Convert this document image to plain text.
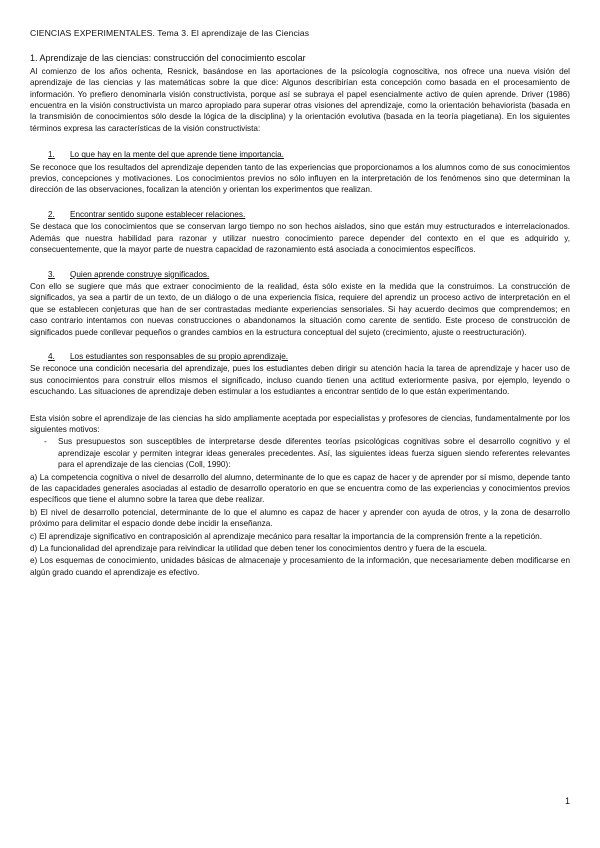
CIENCIAS EXPERIMENTALES. Tema 3. El aprendizaje de las Ciencias
1. Aprendizaje de las ciencias: construcción del conocimiento escolar

Al comienzo de los años ochenta, Resnick, basándose en las aportaciones de la psicología cognoscitiva, nos ofrece una nueva visión del aprendizaje de las ciencias y las matemáticas sobre la que dice: Algunos describirían esta concepción como basada en el procesamiento de información. Yo prefiero denominarla visión constructivista, porque así se subraya el papel esencialmente activo de quien aprende. Driver (1986) encuentra en la visión constructivista un marco apropiado para superar otras visiones del aprendizaje, como la orientación behaviorista (basada en la transmisión de conocimientos sólo desde la lógica de la disciplina) y la orientación evolutiva (basada en la teoría piagetiana). En los siguientes términos expresa las características de la visión constructivista:

1. Lo que hay en la mente del que aprende tiene importancia.

Se reconoce que los resultados del aprendizaje dependen tanto de las experiencias que proporcionamos a los alumnos como de sus conocimientos previos, concepciones y motivaciones. Los conocimientos previos no sólo influyen en la interpretación de los fenómenos sino que determinan la dirección de las observaciones, focalizan la atención y orientan los experimentos que realizan.

2. Encontrar sentido supone establecer relaciones.

Se destaca que los conocimientos que se conservan largo tiempo no son hechos aislados, sino que están muy estructurados e interrelacionados. Además que nuestra habilidad para razonar y utilizar nuestro conocimiento parece depender del contexto en el que es adquirido y, consecuentemente, que la mayor parte de nuestra capacidad de razonamiento está asociada a conocimientos específicos.

3. Quien aprende construye significados.

Con ello se sugiere que más que extraer conocimiento de la realidad, ésta sólo existe en la medida que la construimos. La construcción de significados, ya sea a partir de un texto, de un diálogo o de una experiencia física, requiere del aprendiz un proceso activo de interpretación en el que se establecen conjeturas que han de ser contrastadas mediante experiencias sensoriales. Si hay acuerdo decimos que comprendemos; en caso contrario intentamos con nuevas construcciones o abandonamos la situación como carente de sentido. Este proceso de construcción de significados puede conllevar pequeños o grandes cambios en la estructura conceptual del sujeto (crecimiento, ajuste o reestructuración).

4. Los estudiantes son responsables de su propio aprendizaje.

Se reconoce una condición necesaria del aprendizaje, pues los estudiantes deben dirigir su atención hacia la tarea de aprendizaje y hacer uso de sus conocimientos para construir ellos mismos el significado, incluso cuando tienen una actitud exteriormente pasiva, por ejemplo, leyendo o escuchando. Las situaciones de aprendizaje deben estimular a los estudiantes a encontrar sentido de lo que están experimentando.

Esta visión sobre el aprendizaje de las ciencias ha sido ampliamente aceptada por especialistas y profesores de ciencias, fundamentalmente por los siguientes motivos:

-	Sus presupuestos son susceptibles de interpretarse desde diferentes teorías psicológicas cognitivas sobre el desarrollo cognitivo y el aprendizaje escolar y permiten integrar ideas generales precedentes. Así, las siguientes ideas fuerza siguen siendo referentes relevantes para el aprendizaje de las ciencias (Coll, 1990):

a) La competencia cognitiva o nivel de desarrollo del alumno, determinante de lo que es capaz de hacer y de aprender por sí mismo, depende tanto de las capacidades generales asociadas al estadio de desarrollo operatorio en que se encuentra como de las experiencias y conocimientos previos específicos que tiene el alumno sobre la tarea que debe realizar.

b) El nivel de desarrollo potencial, determinante de lo que el alumno es capaz de hacer y aprender con ayuda de otros, y la zona de desarrollo próximo para delimitar el espacio donde debe incidir la enseñanza.

c) El aprendizaje significativo en contraposición al aprendizaje mecánico para resaltar la importancia de la comprensión frente a la repetición.

d) La funcionalidad del aprendizaje para reivindicar la utilidad que deben tener los conocimientos dentro y fuera de la escuela.

e) Los esquemas de conocimiento, unidades básicas de almacenaje y procesamiento de la información, que necesariamente deben modificarse en algún grado cuando el aprendizaje es efectivo.

1
